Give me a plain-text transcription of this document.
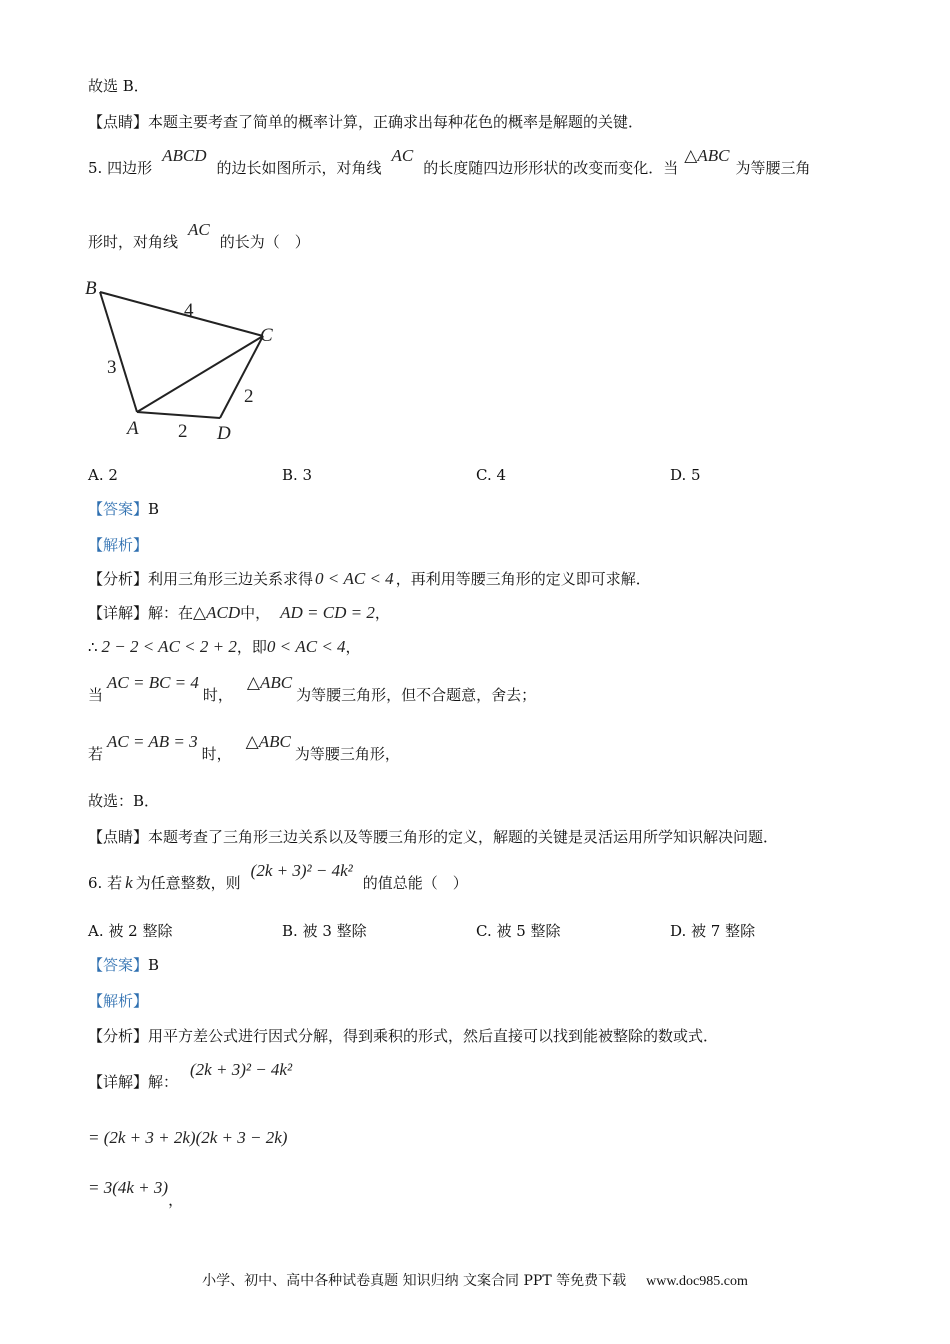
故选 B．
【点睛】本题主要考查了简单的概率计算，正确求出每种花色的概率是解题的关键．
5. 四边形ABCD的边长如图所示，对角线AC的长度随四边形形状的改变而变化．当△ABC为等腰三角
形时，对角线AC的长为（　）
B
C
A	D
4
3
2
2
A. 2	B. 3	C. 4	D. 5
【答案】B
【解析】
【分析】利用三角形三边关系求得 0 < AC < 4 ，再利用等腰三角形的定义即可求解．
【详解】解：在△ACD中， AD = CD = 2，
∴ 2 − 2 < AC < 2 + 2，即0 < AC < 4，
当AC = BC = 4时，△ABC为等腰三角形，但不合题意，舍去；
若AC = AB = 3时，△ABC为等腰三角形，
故选：B．
【点睛】本题考查了三角形三边关系以及等腰三角形的定义，解题的关键是灵活运用所学知识解决问题．
6. 若 k 为任意整数，则(2k + 3)² − 4k²的值总能（　）
A. 被 2 整除	B. 被 3 整除	C. 被 5 整除	D. 被 7 整除
【答案】B
【解析】
【分析】用平方差公式进行因式分解，得到乘积的形式，然后直接可以找到能被整除的数或式．
【详解】解：(2k + 3)² − 4k²
= (2k + 3 + 2k)(2k + 3 − 2k)
= 3(4k + 3)，
小学、初中、高中各种试卷真题 知识归纳 文案合同 PPT 等免费下载 www.doc985.com
